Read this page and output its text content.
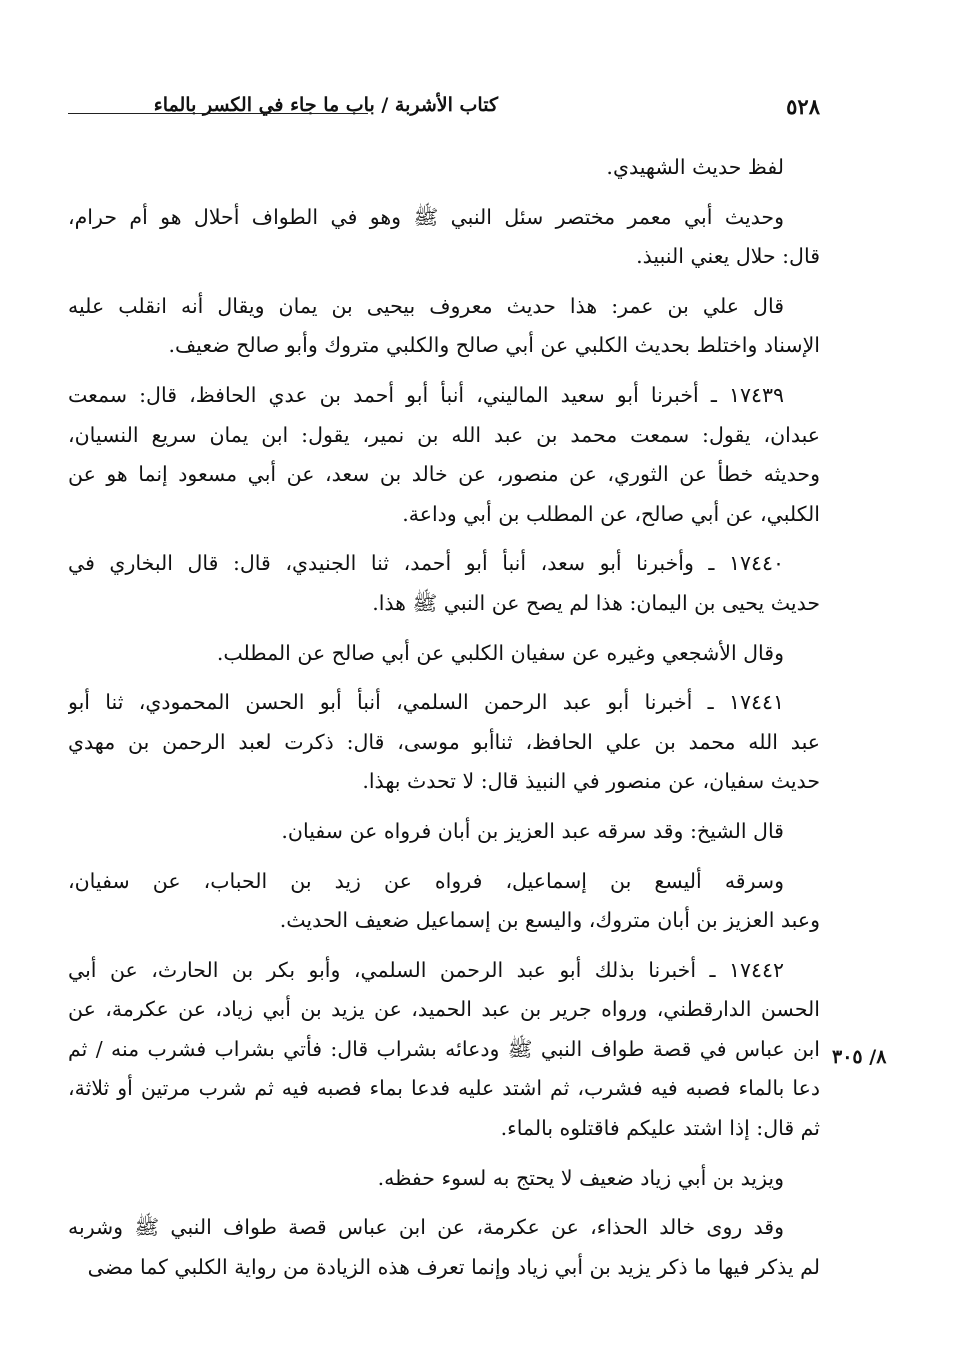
٥٢٨
كتاب الأشربة / باب ما جاء في الكسر بالماء
٨/ ٣٠٥
لفظ حديث الشهيدي.
وحديث أبي معمر مختصر سئل النبي ﷺ وهو في الطواف أحلال هو أم حرام،
قال: حلال يعني النبيذ.
قال علي بن عمر: هذا حديث معروف بيحيى بن يمان ويقال أنه انقلب عليه
الإسناد واختلط بحديث الكلبي عن أبي صالح والكلبي متروك وأبو صالح ضعيف.
١٧٤٣٩ ـ أخبرنا أبو سعيد الماليني، أنبأ أبو أحمد بن عدي الحافظ، قال: سمعت
عبدان، يقول: سمعت محمد بن عبد الله بن نمير، يقول: ابن يمان سريع النسيان،
وحديثه خطأ عن الثوري، عن منصور، عن خالد بن سعد، عن أبي مسعود إنما هو عن
الكلبي، عن أبي صالح، عن المطلب بن أبي وداعة.
١٧٤٤٠ ـ وأخبرنا أبو سعد، أنبأ أبو أحمد، ثنا الجنيدي، قال: قال البخاري في
حديث يحيى بن اليمان: هذا لم يصح عن النبي ﷺ هذا.
وقال الأشجعي وغيره عن سفيان الكلبي عن أبي صالح عن المطلب.
١٧٤٤١ ـ أخبرنا أبو عبد الرحمن السلمي، أنبأ أبو الحسن المحمودي، ثنا أبو
عبد الله محمد بن علي الحافظ، ثناأبو موسى، قال: ذكرت لعبد الرحمن بن مهدي
حديث سفيان، عن منصور في النبيذ قال: لا تحدث بهذا.
قال الشيخ: وقد سرقه عبد العزيز بن أبان فرواه عن سفيان.
وسرقه أليسع بن إسماعيل، فرواه عن زيد بن الحباب، عن سفيان،
وعبد العزيز بن أبان متروك، واليسع بن إسماعيل ضعيف الحديث.
١٧٤٤٢ ـ أخبرنا بذلك أبو عبد الرحمن السلمي، وأبو بكر بن الحارث، عن أبي
الحسن الدارقطني، ورواه جرير بن عبد الحميد، عن يزيد بن أبي زياد، عن عكرمة، عن
ابن عباس في قصة طواف النبي ﷺ ودعائه بشراب قال: فأتي بشراب فشرب منه / ثم
دعا بالماء فصبه فيه فشرب، ثم اشتد عليه فدعا بماء فصبه فيه ثم شرب مرتين أو ثلاثة،
ثم قال: إذا اشتد عليكم فاقتلوه بالماء.
ويزيد بن أبي زياد ضعيف لا يحتج به لسوء حفظه.
وقد روى خالد الحذاء، عن عكرمة، عن ابن عباس قصة طواف النبي ﷺ وشربه
لم يذكر فيها ما ذكر يزيد بن أبي زياد وإنما تعرف هذه الزيادة من رواية الكلبي كما مضى
